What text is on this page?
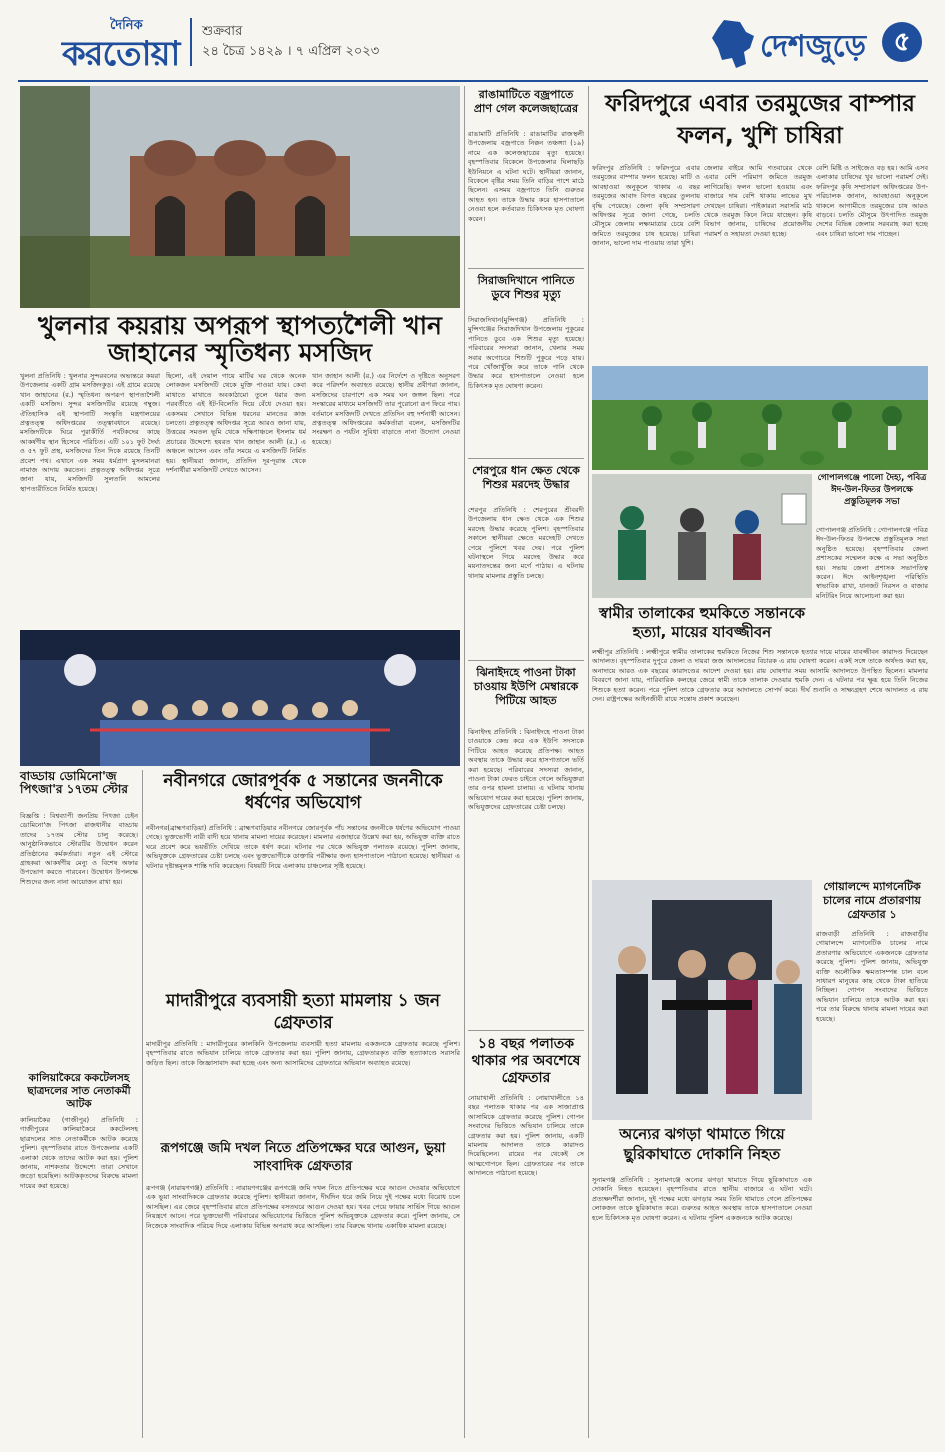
দৈনিক
করতোয়া
শুক্রবার
২৪ চৈত্র ১৪২৯ । ৭ এপ্রিল ২০২৩	দেশজুড়ে	৫
খুলনার কয়রায় অপরূপ স্থাপত্যশৈলী খান জাহানের স্মৃতিধন্য মসজিদ
খুলনা প্রতিনিধি : খুলনার সুন্দরবনের অভ্যন্তরে কয়রা উপজেলার একটি গ্রাম মসজিদকুড়। এই গ্রামে রয়েছে খান জাহানের (র.) স্মৃতিধন্য অপরূপ স্থাপত্যশৈলী একটি মসজিদ। সুন্দর মসজিদটির রয়েছে গম্বুজ। ঐতিহাসিক এই স্থাপনাটি সংস্কৃতি মন্ত্রণালয়ের প্রত্নতত্ত্ব অধিদপ্তরের তত্ত্বাবধানে রয়েছে। মসজিদটিকে ঘিরে পুরাকীর্তি পর্যটকদের কাছে আকর্ষণীয় স্থান হিসেবে পরিচিত। এটি ১০১ ফুট দৈর্ঘ্য ও ৫৭ ফুট প্রস্থ, মসজিদের তিন দিকে রয়েছে তিনটি প্রবেশ পথ। এখানে এক সময় ধর্মপ্রাণ মুসলমানরা নামাজ আদায় করতেন। প্রত্নতত্ত্ব অধিদপ্তর সূত্রে জানা যায়, মসজিদটি সুলতানি আমলের স্থাপত্যরীতিতে নির্মিত হয়েছে।
ছিলো, এই দেয়াল গায়ে মাটির ঘর থেকে অনেক লোকজন মসজিদটি থেকে মুক্তি পাওয়া যায়। কেবা মাথাতে মাথাতে অবকাঠামো তুলে ধরার জন্য পরবর্তীতে এই ইট-বিলেতি দিয়ে বেঁধে দেওয়া হয়। একসময় সেখানে বিভিন্ন ধরনের মানতের কাজ চলতো। প্রত্নতত্ত্ব অধিদপ্তর সূত্রে আরও জানা যায়, উত্তরের সমতল ভূমি থেকে দক্ষিণাঞ্চলে ইসলাম ধর্ম প্রচারের উদ্দেশ্যে হযরত খান জাহান আলী (র.) এ অঞ্চলে আসেন এবং তাঁর সময়ে এ মসজিদটি নির্মিত হয়। স্থানীয়রা জানান, প্রতিদিন দূর-দূরান্ত থেকে দর্শনার্থীরা মসজিদটি দেখতে আসেন।
খান জাহান আলী (র.) এর নির্দেশে ও দৃষ্টিতে অনুসরণ করে পরিদর্শন অব্যাহত রয়েছে। স্থানীয় প্রবীণরা জানান, মসজিদের চারপাশে এক সময় ঘন জঙ্গল ছিল। পরে সংস্কারের মাধ্যমে মসজিদটি তার পুরোনো রূপ ফিরে পায়। বর্তমানে মসজিদটি দেখতে প্রতিদিন বহু দর্শনার্থী আসেন। প্রত্নতত্ত্ব অধিদপ্তরের কর্মকর্তারা বলেন, মসজিদটির সংরক্ষণ ও পর্যটন সুবিধা বাড়াতে নানা উদ্যোগ নেওয়া হয়েছে।
বাড্ডায় ডোমিনো'জ পিৎজা'র ১৭তম স্টোর
বিজ্ঞপ্তি : বিশ্বব্যাপী জনপ্রিয় পিৎজা চেইন ডোমিনো'জ পিৎজা রাজধানীর বাড্ডায় তাদের ১৭তম স্টোর চালু করেছে। আনুষ্ঠানিকভাবে স্টোরটির উদ্বোধন করেন প্রতিষ্ঠানের কর্মকর্তারা। নতুন এই স্টোরে গ্রাহকরা আকর্ষণীয় মেন্যু ও বিশেষ অফার উপভোগ করতে পারবেন। উদ্বোধন উপলক্ষে শিশুদের জন্য নানা আয়োজন রাখা হয়।
কালিয়াকৈরে ককটেলসহ ছাত্রদলের সাত নেতাকর্মী আটক
কালিয়াকৈর (গাজীপুর) প্রতিনিধি : গাজীপুরের কালিয়াকৈরে ককটেলসহ ছাত্রদলের সাত নেতাকর্মীকে আটক করেছে পুলিশ। বৃহস্পতিবার রাতে উপজেলার একটি এলাকা থেকে তাদের আটক করা হয়। পুলিশ জানায়, নাশকতার উদ্দেশ্যে তারা সেখানে জড়ো হয়েছিল। আটককৃতদের বিরুদ্ধে মামলা দায়ের করা হয়েছে।
নবীনগরে জোরপূর্বক ৫ সন্তানের জননীকে ধর্ষণের অভিযোগ
নবীনগর(ব্রাহ্মণবাড়িয়া) প্রতিনিধি : ব্রাহ্মণবাড়িয়ার নবীনগরে জোরপূর্বক পাঁচ সন্তানের জননীকে ধর্ষণের অভিযোগ পাওয়া গেছে। ভুক্তভোগী নারী বাদী হয়ে থানায় মামলা দায়ের করেছেন। মামলার এজাহারে উল্লেখ করা হয়, অভিযুক্ত ব্যক্তি রাতে ঘরে প্রবেশ করে ভয়ভীতি দেখিয়ে তাকে ধর্ষণ করে। ঘটনার পর থেকে অভিযুক্ত পলাতক রয়েছে। পুলিশ জানায়, অভিযুক্তকে গ্রেফতারের চেষ্টা চলছে এবং ভুক্তভোগীকে ডাক্তারি পরীক্ষার জন্য হাসপাতালে পাঠানো হয়েছে। স্থানীয়রা এ ঘটনার দৃষ্টান্তমূলক শাস্তি দাবি করেছেন। বিষয়টি নিয়ে এলাকায় চাঞ্চল্যের সৃষ্টি হয়েছে।
মাদারীপুরে ব্যবসায়ী হত্যা মামলায় ১ জন গ্রেফতার
মাদারীপুর প্রতিনিধি : মাদারীপুরের কালকিনি উপজেলায় ব্যবসায়ী হত্যা মামলায় একজনকে গ্রেফতার করেছে পুলিশ। বৃহস্পতিবার রাতে অভিযান চালিয়ে তাকে গ্রেফতার করা হয়। পুলিশ জানায়, গ্রেফতারকৃত ব্যক্তি হত্যাকাণ্ডে সরাসরি জড়িত ছিল। তাকে জিজ্ঞাসাবাদ করা হচ্ছে এবং অন্য আসামিদের গ্রেফতারে অভিযান অব্যাহত রয়েছে।
রূপগঞ্জে জমি দখল নিতে প্রতিপক্ষের ঘরে আগুন, ভুয়া সাংবাদিক গ্রেফতার
রূপগঞ্জ (নারায়ণগঞ্জ) প্রতিনিধি : নারায়ণগঞ্জের রূপগঞ্জে জমি দখল নিতে প্রতিপক্ষের ঘরে আগুন দেওয়ার অভিযোগে এক ভুয়া সাংবাদিককে গ্রেফতার করেছে পুলিশ। স্থানীয়রা জানান, দীর্ঘদিন ধরে জমি নিয়ে দুই পক্ষের মধ্যে বিরোধ চলে আসছিল। এর জেরে বৃহস্পতিবার রাতে প্রতিপক্ষের বসতঘরে আগুন দেওয়া হয়। খবর পেয়ে ফায়ার সার্ভিস গিয়ে আগুন নিয়ন্ত্রণে আনে। পরে ভুক্তভোগী পরিবারের অভিযোগের ভিত্তিতে পুলিশ অভিযুক্তকে গ্রেফতার করে। পুলিশ জানায়, সে নিজেকে সাংবাদিক পরিচয় দিয়ে এলাকায় বিভিন্ন অপরাধ করে আসছিল। তার বিরুদ্ধে থানায় একাধিক মামলা রয়েছে।
রাঙামাটিতে বজ্রপাতে প্রাণ গেল কলেজছাত্রের
রাঙামাটি প্রতিনিধি : রাঙামাটির রাজস্থলী উপজেলায় বজ্রপাতে নিক্কন তঞ্চঙ্গ্যা (১৯) নামে এক কলেজছাত্রের মৃত্যু হয়েছে। বৃহস্পতিবার বিকেলে উপজেলার ঘিলাছড়ি ইউনিয়নে এ ঘটনা ঘটে। স্থানীয়রা জানান, বিকেলে বৃষ্টির সময় তিনি বাড়ির পাশে মাঠে ছিলেন। এসময় বজ্রপাতে তিনি গুরুতর আহত হন। তাকে উদ্ধার করে হাসপাতালে নেওয়া হলে কর্তব্যরত চিকিৎসক মৃত ঘোষণা করেন।
সিরাজদিখানে পানিতে ডুবে শিশুর মৃত্যু
সিরাজদিখান(মুন্সিগঞ্জ) প্রতিনিধি : মুন্সিগঞ্জের সিরাজদিখান উপজেলায় পুকুরের পানিতে ডুবে এক শিশুর মৃত্যু হয়েছে। পরিবারের সদস্যরা জানান, খেলার সময় সবার অগোচরে শিশুটি পুকুরে পড়ে যায়। পরে খোঁজাখুঁজি করে তাকে পানি থেকে উদ্ধার করে হাসপাতালে নেওয়া হলে চিকিৎসক মৃত ঘোষণা করেন।
শেরপুরে ধান ক্ষেত থেকে শিশুর মরদেহ উদ্ধার
শেরপুর প্রতিনিধি : শেরপুরের শ্রীবরদী উপজেলায় ধান ক্ষেত থেকে এক শিশুর মরদেহ উদ্ধার করেছে পুলিশ। বৃহস্পতিবার সকালে স্থানীয়রা ক্ষেতে মরদেহটি দেখতে পেয়ে পুলিশে খবর দেয়। পরে পুলিশ ঘটনাস্থলে গিয়ে মরদেহ উদ্ধার করে ময়নাতদন্তের জন্য মর্গে পাঠায়। এ ঘটনায় থানায় মামলার প্রস্তুতি চলছে।
ঝিনাইদহে পাওনা টাকা চাওয়ায় ইউপি মেম্বারকে পিটিয়ে আহত
ঝিনাইদহ প্রতিনিধি : ঝিনাইদহে পাওনা টাকা চাওয়াকে কেন্দ্র করে এক ইউপি সদস্যকে পিটিয়ে আহত করেছে প্রতিপক্ষ। আহত অবস্থায় তাকে উদ্ধার করে হাসপাতালে ভর্তি করা হয়েছে। পরিবারের সদস্যরা জানান, পাওনা টাকা ফেরত চাইতে গেলে অভিযুক্তরা তার ওপর হামলা চালায়। এ ঘটনায় থানায় অভিযোগ দায়ের করা হয়েছে। পুলিশ জানায়, অভিযুক্তদের গ্রেফতারের চেষ্টা চলছে।
১৪ বছর পলাতক থাকার পর অবশেষে গ্রেফতার
নোয়াখালী প্রতিনিধি : নোয়াখালীতে ১৪ বছর পলাতক থাকার পর এক সাজাপ্রাপ্ত আসামিকে গ্রেফতার করেছে পুলিশ। গোপন সংবাদের ভিত্তিতে অভিযান চালিয়ে তাকে গ্রেফতার করা হয়। পুলিশ জানায়, একটি মামলায় আদালত তাকে কারাদণ্ড দিয়েছিলেন। রায়ের পর থেকেই সে আত্মগোপনে ছিল। গ্রেফতারের পর তাকে আদালতে পাঠানো হয়েছে।
ফরিদপুরে এবার তরমুজের বাম্পার ফলন, খুশি চাষিরা
ফরিদপুর প্রতিনিধি : ফরিদপুরে এবার তরমুজের বাম্পার ফলন হয়েছে। মাটি ও আবহাওয়া অনুকূলে থাকায় এ বছর তরমুজের আবাদ বিগত বছরের তুলনায় বৃদ্ধি পেয়েছে। জেলা কৃষি সম্প্রসারণ অধিদপ্তর সূত্রে জানা গেছে, চলতি মৌসুমে জেলায় লক্ষ্যমাত্রার চেয়ে বেশি জমিতে তরমুজের চাষ হয়েছে। চাষিরা জানান, ভালো দাম পাওয়ায় তারা খুশি।
জেলার বাইরে আমি গতবারের থেকে এবার বেশি পরিমাণ জমিতে তরমুজ লাগিয়েছি। ফলন ভালো হওয়ায় এবং বাজারে দাম বেশি থাকায় লাভের মুখ দেখছেন চাষিরা। পাইকাররা সরাসরি মাঠ থেকে তরমুজ কিনে নিয়ে যাচ্ছেন। কৃষি বিভাগ জানায়, চাষিদের প্রয়োজনীয় পরামর্শ ও সহায়তা দেওয়া হচ্ছে।
বেশি মিষ্টি ও সাইজেও বড় হয়। আমি এসব এলাকার চাষিদের খুব ভালো পরামর্শ দেই। ফরিদপুর কৃষি সম্প্রসারণ অধিদপ্তরের উপ-পরিচালক জানান, আবহাওয়া অনুকূলে থাকলে আগামীতে তরমুজের চাষ আরও বাড়বে। চলতি মৌসুমে উৎপাদিত তরমুজ দেশের বিভিন্ন জেলায় সরবরাহ করা হচ্ছে এবং চাষিরা ভালো দাম পাচ্ছেন।
গোপালগঞ্জে পালো দৈহ্য, পবিত্র ঈদ-উল-ফিতর উপলক্ষে প্রস্তুতিমূলক সভা
গোপালগঞ্জ প্রতিনিধি : গোপালগঞ্জে পবিত্র ঈদ-উল-ফিতর উপলক্ষে প্রস্তুতিমূলক সভা অনুষ্ঠিত হয়েছে। বৃহস্পতিবার জেলা প্রশাসকের সম্মেলন কক্ষে এ সভা অনুষ্ঠিত হয়। সভায় জেলা প্রশাসক সভাপতিত্ব করেন। ঈদে আইনশৃঙ্খলা পরিস্থিতি স্বাভাবিক রাখা, যানজট নিরসন ও বাজার মনিটরিং নিয়ে আলোচনা করা হয়।
স্বামীর তালাকের হুমকিতে সন্তানকে হত্যা, মায়ের যাবজ্জীবন
লক্ষ্মীপুর প্রতিনিধি : লক্ষ্মীপুরে স্বামীর তালাকের হুমকিতে নিজের শিশু সন্তানকে হত্যার দায়ে মায়ের যাবজ্জীবন কারাদণ্ড দিয়েছেন আদালত। বৃহস্পতিবার দুপুরে জেলা ও দায়রা জজ আদালতের বিচারক এ রায় ঘোষণা করেন। একই সঙ্গে তাকে অর্থদণ্ড করা হয়, অনাদায়ে আরও এক বছরের কারাদণ্ডের আদেশ দেওয়া হয়। রায় ঘোষণার সময় আসামি আদালতে উপস্থিত ছিলেন। মামলার বিবরণে জানা যায়, পারিবারিক কলহের জেরে স্বামী তাকে তালাক দেওয়ার হুমকি দেন। এ ঘটনার পর ক্ষুব্ধ হয়ে তিনি নিজের শিশুকে হত্যা করেন। পরে পুলিশ তাকে গ্রেফতার করে আদালতে সোপর্দ করে। দীর্ঘ শুনানি ও সাক্ষ্যগ্রহণ শেষে আদালত এ রায় দেন। রাষ্ট্রপক্ষের আইনজীবী রায়ে সন্তোষ প্রকাশ করেছেন।
গোয়ালন্দে ম্যাগনেটিক চালের নামে প্রতারণায় গ্রেফতার ১
রাজবাড়ী প্রতিনিধি : রাজবাড়ীর গোয়ালন্দে ম্যাগনেটিক চালের নামে প্রতারণার অভিযোগে একজনকে গ্রেফতার করেছে পুলিশ। পুলিশ জানায়, অভিযুক্ত ব্যক্তি অলৌকিক ক্ষমতাসম্পন্ন চাল বলে সাধারণ মানুষের কাছ থেকে টাকা হাতিয়ে নিচ্ছিল। গোপন সংবাদের ভিত্তিতে অভিযান চালিয়ে তাকে আটক করা হয়। পরে তার বিরুদ্ধে থানায় মামলা দায়ের করা হয়েছে।
অন্যের ঝগড়া থামাতে গিয়ে ছুরিকাঘাতে দোকানি নিহত
সুনামগঞ্জ প্রতিনিধি : সুনামগঞ্জে অন্যের ঝগড়া থামাতে গিয়ে ছুরিকাঘাতে এক দোকানি নিহত হয়েছেন। বৃহস্পতিবার রাতে স্থানীয় বাজারে এ ঘটনা ঘটে। প্রত্যক্ষদর্শীরা জানান, দুই পক্ষের মধ্যে ঝগড়ার সময় তিনি থামাতে গেলে প্রতিপক্ষের লোকজন তাকে ছুরিকাঘাত করে। গুরুতর আহত অবস্থায় তাকে হাসপাতালে নেওয়া হলে চিকিৎসক মৃত ঘোষণা করেন। এ ঘটনায় পুলিশ একজনকে আটক করেছে।
